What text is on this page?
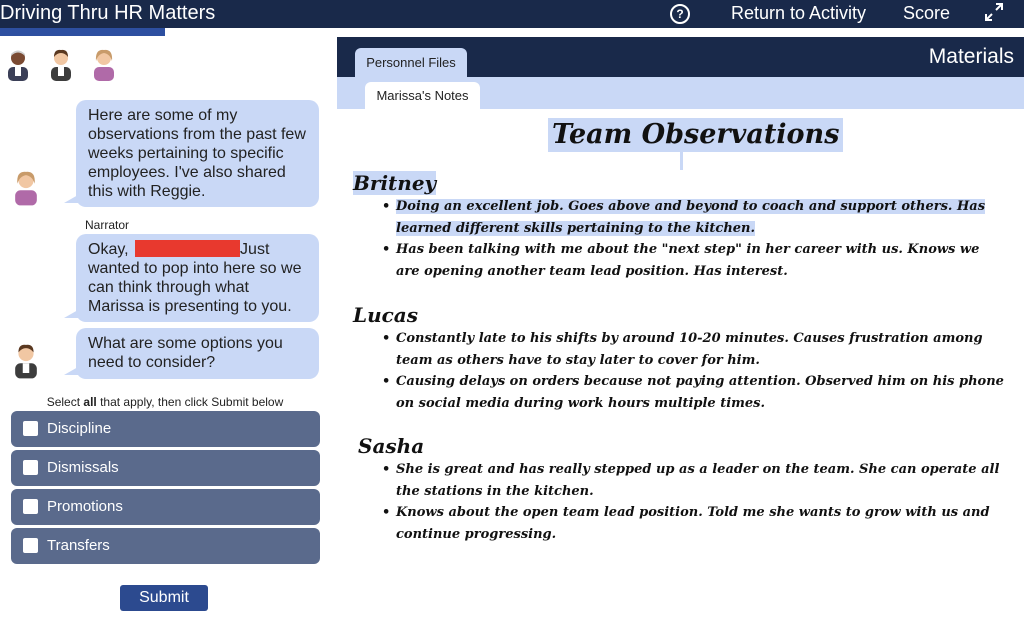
Driving Thru HR Matters	?	Return to Activity Score
Here are some of my observations from the past few weeks pertaining to specific employees. I've also shared this with Reggie.
Narrator
Okay,	Just wanted to pop into here so we can think through what Marissa is presenting to you.
What are some options you need to consider?
Select all that apply, then click Submit below
Discipline
Dismissals
Promotions
Transfers
Submit
Materials
Personnel Files
Marissa's Notes
Team Observations
Britney
• Doing an excellent job. Goes above and beyond to coach and support others. Has learned different skills pertaining to the kitchen.
• Has been talking with me about the "next step" in her career with us. Knows we are opening another team lead position. Has interest.
Lucas
• Constantly late to his shifts by around 10-20 minutes. Causes frustration among team as others have to stay later to cover for him.
• Causing delays on orders because not paying attention. Observed him on his phone on social media during work hours multiple times.
Sasha
• She is great and has really stepped up as a leader on the team. She can operate all the stations in the kitchen.
• Knows about the open team lead position. Told me she wants to grow with us and continue progressing.
